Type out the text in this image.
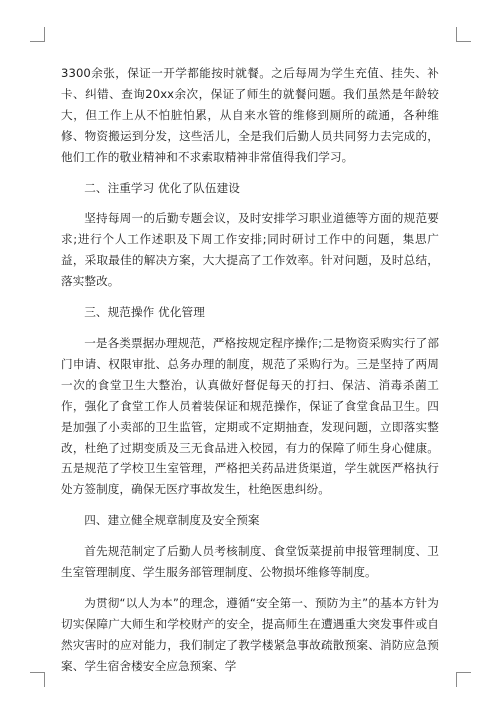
3300余张，保证一开学都能按时就餐。之后每周为学生充值、挂失、补卡、纠错、查询20xx余次，保证了师生的就餐问题。我们虽然是年龄较大，但工作上从不怕脏怕累，从自来水管的维修到厕所的疏通，各种维修、物资搬运到分发，这些活儿，全是我们后勤人员共同努力去完成的，他们工作的敬业精神和不求索取精神非常值得我们学习。

二、注重学习 优化了队伍建设

坚持每周一的后勤专题会议，及时安排学习职业道德等方面的规范要求;进行个人工作述职及下周工作安排;同时研讨工作中的问题，集思广益，采取最佳的解决方案，大大提高了工作效率。针对问题，及时总结，落实整改。

三、规范操作 优化管理

一是各类票据办理规范，严格按规定程序操作;二是物资采购实行了部门申请、权限审批、总务办理的制度，规范了采购行为。三是坚持了两周一次的食堂卫生大整治，认真做好督促每天的打扫、保洁、消毒杀菌工作，强化了食堂工作人员着装保证和规范操作，保证了食堂食品卫生。四是加强了小卖部的卫生监管，定期或不定期抽查，发现问题，立即落实整改，杜绝了过期变质及三无食品进入校园，有力的保障了师生身心健康。五是规范了学校卫生室管理，严格把关药品进货渠道，学生就医严格执行处方签制度，确保无医疗事故发生，杜绝医患纠纷。

四、建立健全规章制度及安全预案

首先规范制定了后勤人员考核制度、食堂饭菜提前申报管理制度、卫生室管理制度、学生服务部管理制度、公物损坏维修等制度。

为贯彻“以人为本”的理念，遵循“安全第一、预防为主”的基本方针为切实保障广大师生和学校财产的安全，提高师生在遭遇重大突发事件或自然灾害时的应对能力，我们制定了教学楼紧急事故疏散预案、消防应急预案、学生宿舍楼安全应急预案、学
